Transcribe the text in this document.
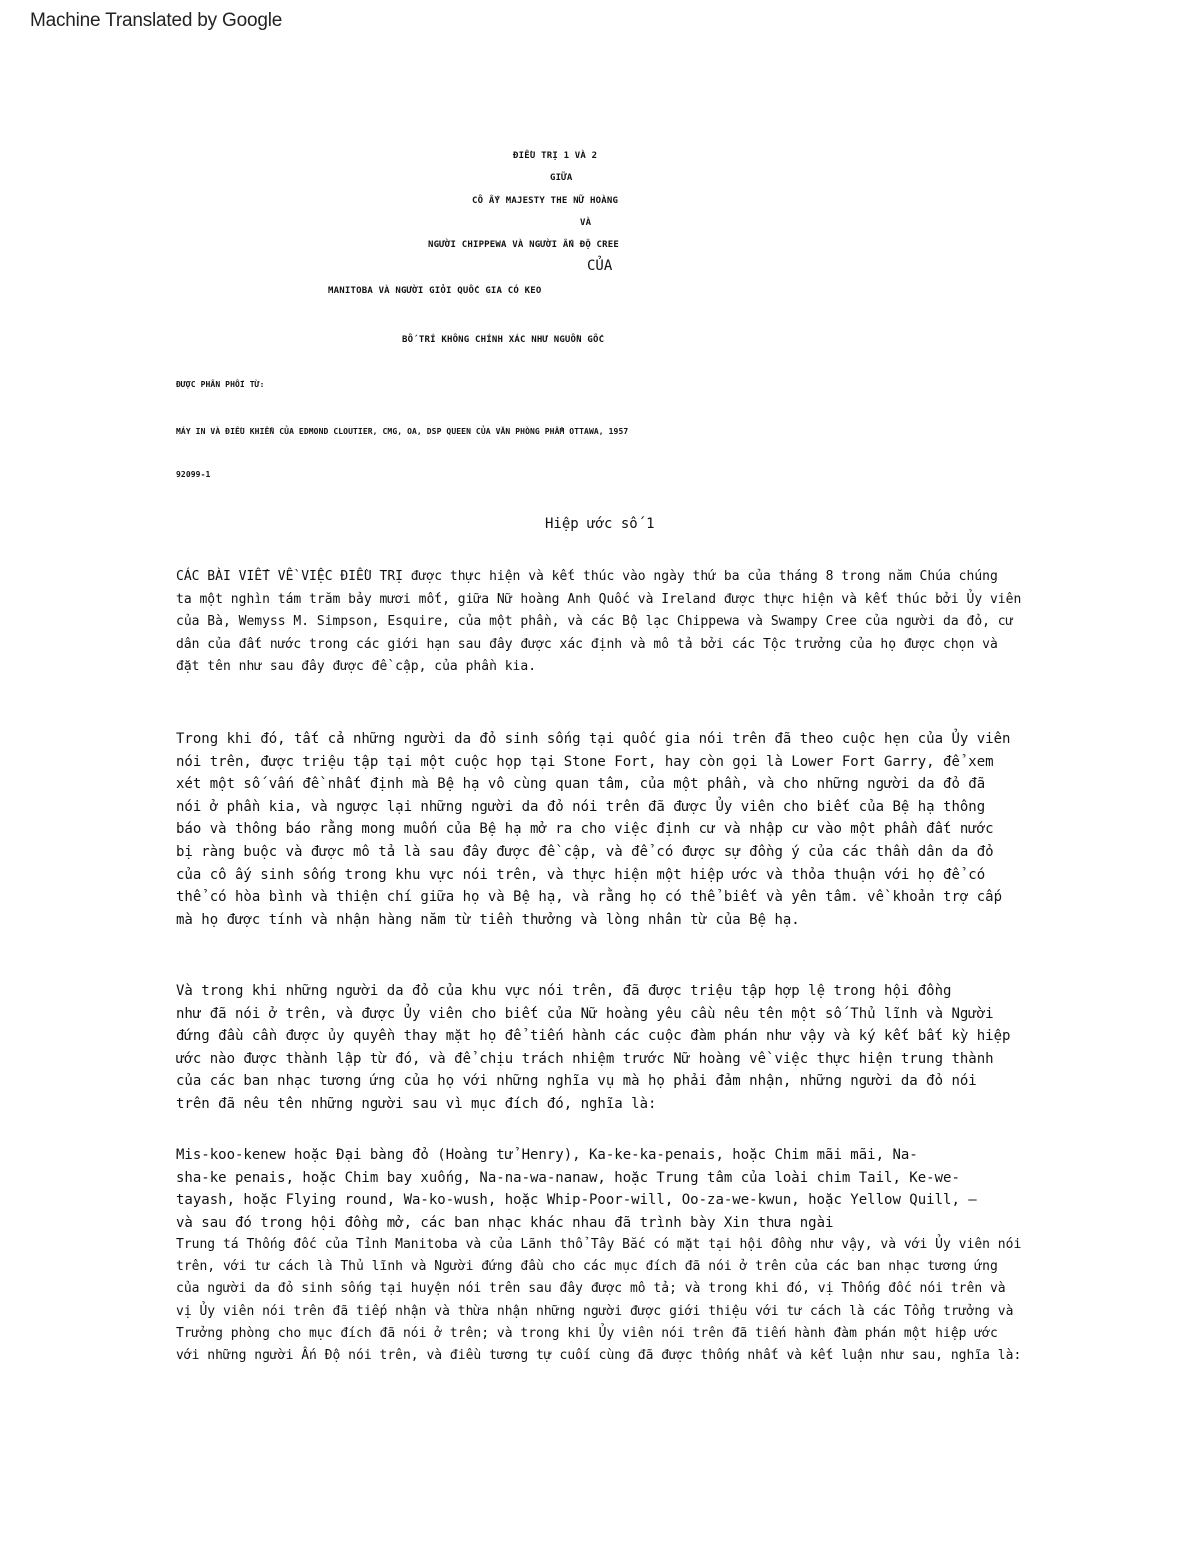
Machine Translated by Google
ĐIỀU TRỊ 1 VÀ 2
GIỮA
CÔ ẤY MAJESTY THE NỮ HOÀNG
VÀ
NGƯỜI CHIPPEWA VÀ NGƯỜI ẤN ĐỘ CREE
CỦA
MANITOBA VÀ NGƯỜI GIỎI QUỐC GIA CÓ KEO
BỐ TRÍ KHÔNG CHÍNH XÁC NHƯ NGUỒN GỐC
ĐƯỢC PHÂN PHỐI TỪ:
MÁY IN VÀ ĐIỀU KHIỂN CỦA EDMOND CLOUTIER, CMG, OA, DSP QUEEN CỦA VĂN PHÒNG PHẨM OTTAWA, 1957
92099-1
Hiệp ước số 1
CÁC BÀI VIẾT VỀ VIỆC ĐIỀU TRỊ được thực hiện và kết thúc vào ngày thứ ba của tháng 8 trong năm Chúa chúng
ta một nghìn tám trăm bảy mươi mốt, giữa Nữ hoàng Anh Quốc và Ireland được thực hiện và kết thúc bởi Ủy viên
của Bà, Wemyss M. Simpson, Esquire, của một phần, và các Bộ lạc Chippewa và Swampy Cree của người da đỏ, cư
dân của đất nước trong các giới hạn sau đây được xác định và mô tả bởi các Tộc trưởng của họ được chọn và
đặt tên như sau đây được đề cập, của phần kia.
Trong khi đó, tất cả những người da đỏ sinh sống tại quốc gia nói trên đã theo cuộc hẹn của Ủy viên
nói trên, được triệu tập tại một cuộc họp tại Stone Fort, hay còn gọi là Lower Fort Garry, để xem
xét một số vấn đề nhất định mà Bệ hạ vô cùng quan tâm, của một phần, và cho những người da đỏ đã
nói ở phần kia, và ngược lại những người da đỏ nói trên đã được Ủy viên cho biết của Bệ hạ thông
báo và thông báo rằng mong muốn của Bệ hạ mở ra cho việc định cư và nhập cư vào một phần đất nước
bị ràng buộc và được mô tả là sau đây được đề cập, và để có được sự đồng ý của các thần dân da đỏ
của cô ấy sinh sống trong khu vực nói trên, và thực hiện một hiệp ước và thỏa thuận với họ để có
thể có hòa bình và thiện chí giữa họ và Bệ hạ, và rằng họ có thể biết và yên tâm. về khoản trợ cấp
mà họ được tính và nhận hàng năm từ tiền thưởng và lòng nhân từ của Bệ hạ.
Và trong khi những người da đỏ của khu vực nói trên, đã được triệu tập hợp lệ trong hội đồng
như đã nói ở trên, và được Ủy viên cho biết của Nữ hoàng yêu cầu nêu tên một số Thủ lĩnh và Người
đứng đầu cần được ủy quyền thay mặt họ để tiến hành các cuộc đàm phán như vậy và ký kết bất kỳ hiệp
ước nào được thành lập từ đó, và để chịu trách nhiệm trước Nữ hoàng về việc thực hiện trung thành
của các ban nhạc tương ứng của họ với những nghĩa vụ mà họ phải đảm nhận, những người da đỏ nói
trên đã nêu tên những người sau vì mục đích đó, nghĩa là:
Mis-koo-kenew hoặc Đại bàng đỏ (Hoàng tử Henry), Ka-ke-ka-penais, hoặc Chim mãi mãi, Na-
sha-ke penais, hoặc Chim bay xuống, Na-na-wa-nanaw, hoặc Trung tâm của loài chim Tail, Ke-we-
tayash, hoặc Flying round, Wa-ko-wush, hoặc Whip-Poor-will, Oo-za-we-kwun, hoặc Yellow Quill, —
và sau đó trong hội đồng mở, các ban nhạc khác nhau đã trình bày Xin thưa ngài
Trung tá Thống đốc của Tỉnh Manitoba và của Lãnh thổ Tây Bắc có mặt tại hội đồng như vậy, và với Ủy viên nói
trên, với tư cách là Thủ lĩnh và Người đứng đầu cho các mục đích đã nói ở trên của các ban nhạc tương ứng
của người da đỏ sinh sống tại huyện nói trên sau đây được mô tả; và trong khi đó, vị Thống đốc nói trên và
vị Ủy viên nói trên đã tiếp nhận và thừa nhận những người được giới thiệu với tư cách là các Tổng trưởng và
Trưởng phòng cho mục đích đã nói ở trên; và trong khi Ủy viên nói trên đã tiến hành đàm phán một hiệp ước
với những người Ấn Độ nói trên, và điều tương tự cuối cùng đã được thống nhất và kết luận như sau, nghĩa là:
